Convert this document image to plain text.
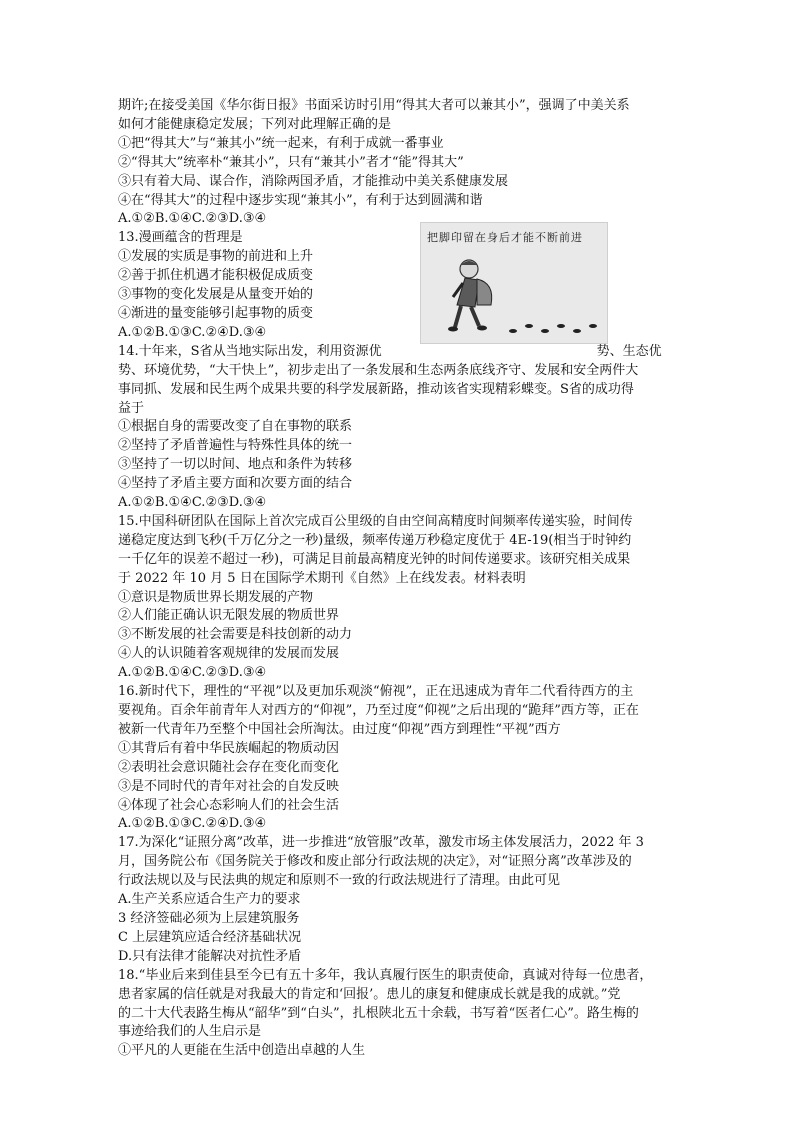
期许;在接受美国《华尔街日报》书面采访时引用“得其大者可以兼其小”，强调了中美关系
如何才能健康稳定发展；下列对此理解正确的是
①把“得其大”与“兼其小”统一起来，有利于成就一番事业
②“得其大”统率朴“兼其小”，只有“兼其小”者才“能”得其大”
③只有着大局、谋合作，消除两国矛盾，才能推动中美关系健康发展
④在“得其大”的过程中逐步实现“兼其小”，有利于达到圆满和谐
A.①②B.①④C.②③D.③④
13.漫画蕴含的哲理是
①发展的实质是事物的前进和上升
②善于抓住机遇才能积极促成质变
③事物的变化发展是从量变开始的
④渐进的量变能够引起事物的质变
A.①②B.①③C.②④D.③④
14.十年来，S省从当地实际出发，利用资源优	势、生态优
势、环境优势，“大干快上”，初步走出了一条发展和生态两条底线齐守、发展和安全两件大
事同抓、发展和民生两个成果共要的科学发展新路，推动该省实现精彩蝶变。S省的成功得
益于
①根据自身的需要改变了自在事物的联系
②坚持了矛盾普遍性与特殊性具体的统一
③坚持了一切以时间、地点和条件为转移
④坚持了矛盾主要方面和次要方面的结合
A.①②B.①④C.②③D.③④
15.中国科研团队在国际上首次完成百公里级的自由空间高精度时间频率传递实验，时间传
递稳定度达到飞秒(千万亿分之一秒)量级，频率传递万秒稳定度优于 4E-19(相当于时钟约
一千亿年的误差不超过一秒)，可满足目前最高精度光钟的时间传递要求。该研究相关成果
于 2022 年 10 月 5 日在国际学术期刊《自然》上在线发表。材料表明
①意识是物质世界长期发展的产物
②人们能正确认识无限发展的物质世界
③不断发展的社会需要是科技创新的动力
④人的认识随着客观规律的发展而发展
A.①②B.①④C.②③D.③④
16.新时代下，理性的“平视”以及更加乐观淡“俯视”，正在迅速成为青年二代看待西方的主
要视角。百余年前青年人对西方的“仰视”，乃至过度“仰视”之后出现的“跪拜”西方等，正在
被新一代青年乃至整个中国社会所淘汰。由过度“仰视”西方到理性“平视”西方
①其背后有着中华民族崛起的物质动因
②表明社会意识随社会存在变化而变化
③是不同时代的青年对社会的自发反映
④体现了社会心态彩响人们的社会生活
A.①②B.①③C.②④D.③④
17.为深化“证照分离”改革，进一步推进“放管服”改革，激发市场主体发展活力，2022 年 3
月，国务院公布《国务院关于修改和废止部分行政法规的决定》，对“证照分离”改革涉及的
行政法规以及与民法典的规定和原则不一致的行政法规进行了清理。由此可见
A.生产关系应适合生产力的要求
3 经济签础必须为上层建筑服务
C 上层建筑应适合经济基础状况
D.只有法律才能解决对抗性矛盾
18.“毕业后来到佳县至今已有五十多年，我认真履行医生的职责使命，真诚对待每一位患者，
患者家属的信任就是对我最大的肯定和‘回报’。患儿的康复和健康成长就是我的成就。”党
的二十大代表路生梅从“韶华”到“白头”，扎根陕北五十余载，书写着“医者仁心”。路生梅的
事迹给我们的人生启示是
①平凡的人更能在生活中创造出卓越的人生
把脚印留在身后才能不断前进
